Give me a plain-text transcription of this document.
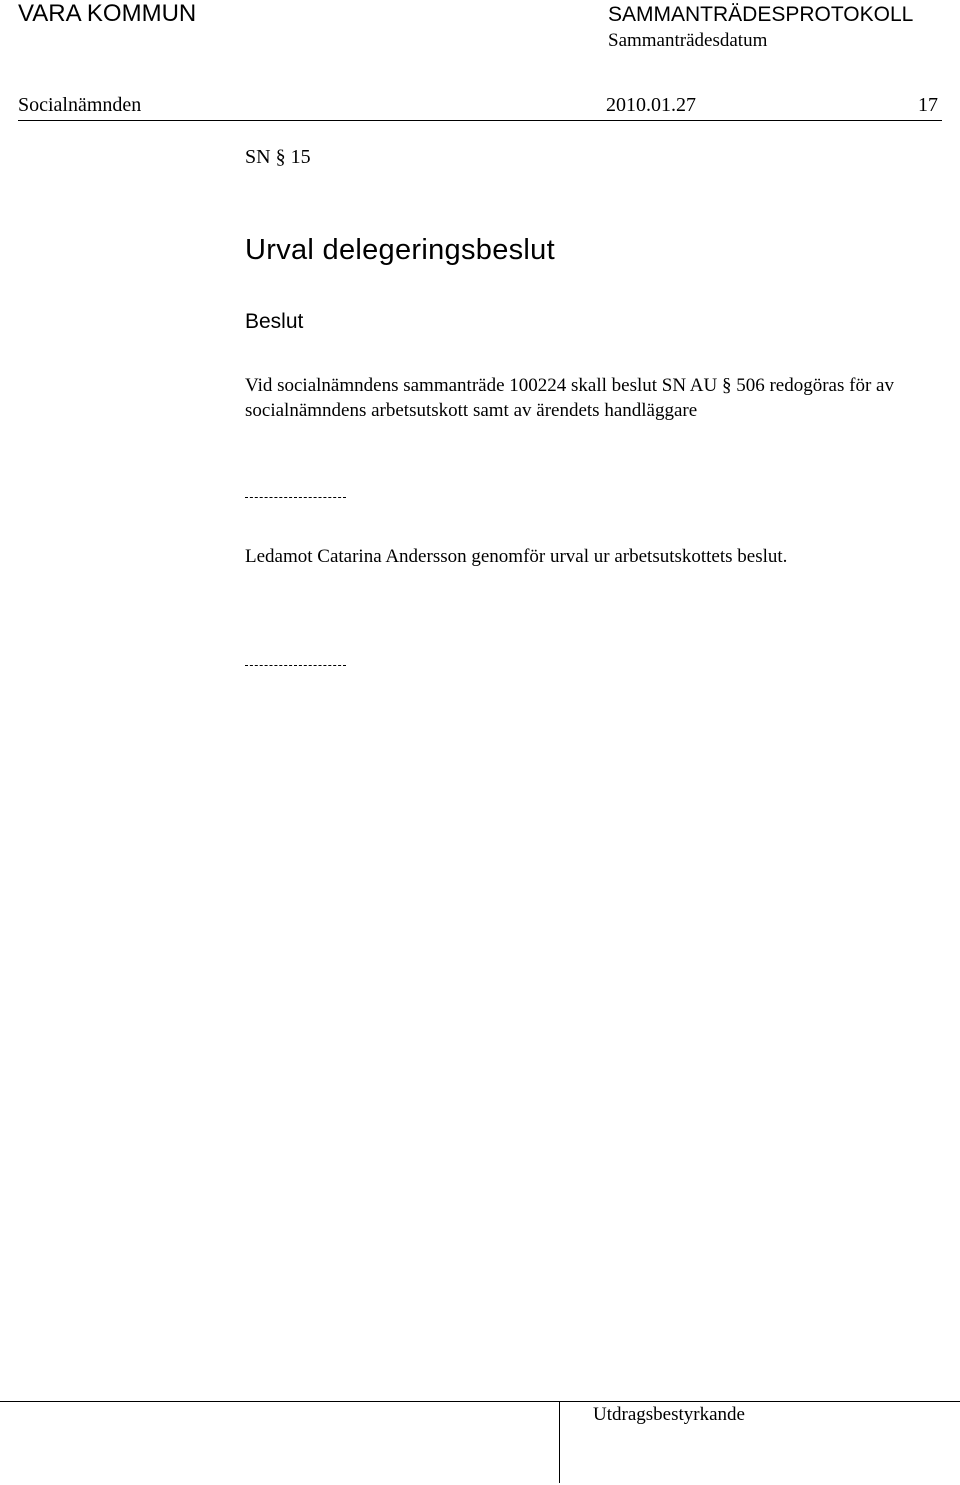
VARA KOMMUN	SAMMANTRÄDESPROTOKOLL
Sammanträdesdatum
Socialnämnden	2010.01.27	17
SN § 15
Urval delegeringsbeslut
Beslut
Vid socialnämndens sammanträde 100224 skall beslut SN AU § 506 redogöras för av socialnämndens arbetsutskott samt av ärendets handläggare
Ledamot Catarina Andersson genomför urval ur arbetsutskottets beslut.
Utdragsbestyrkande
